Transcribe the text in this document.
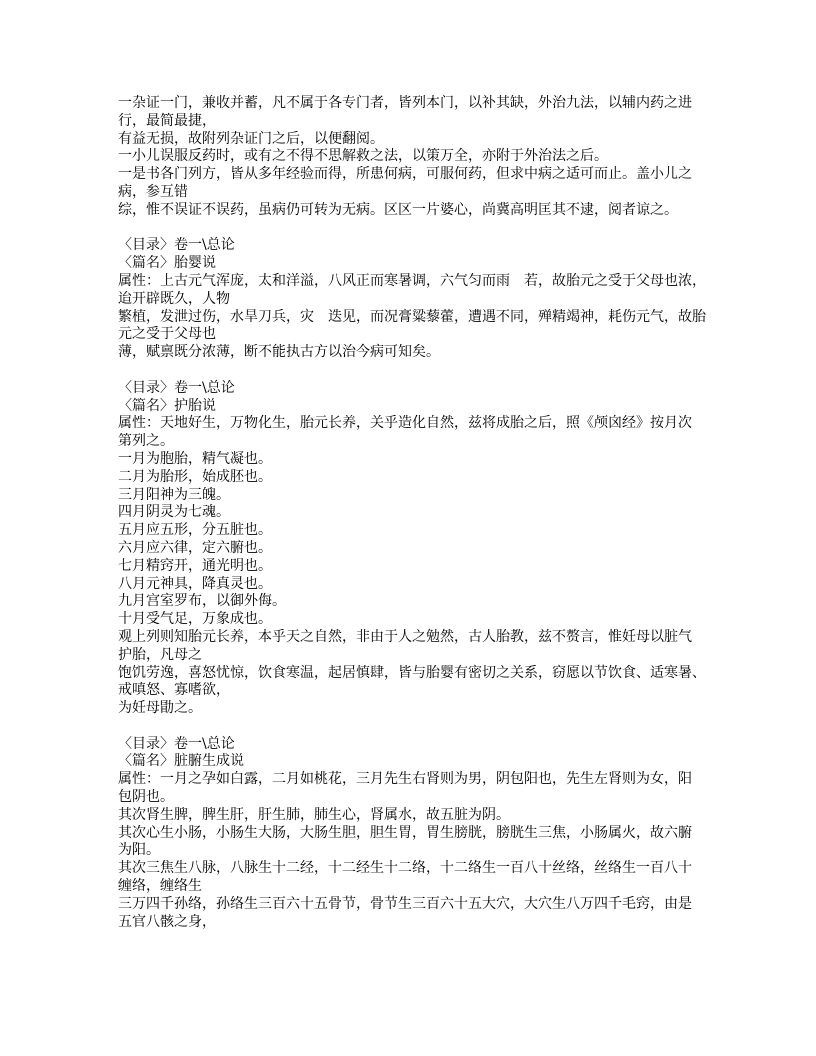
一杂证一门，兼收并蓄，凡不属于各专门者，皆列本门，以补其缺，外治九法，以辅内药之进
行，最简最捷，
有益无损，故附列杂证门之后，以便翻阅。
一小儿误服反药时，或有之不得不思解救之法，以策万全，亦附于外治法之后。
一是书各门列方，皆从多年经验而得，所患何病，可服何药，但求中病之适可而止。盖小儿之
病，参互错
综，惟不误证不误药，虽病仍可转为无病。区区一片婆心，尚冀高明匡其不逮，阅者谅之。
〈目录〉卷一\总论
〈篇名〉胎婴说
属性：上古元气浑庞，太和洋溢，八风正而寒暑调，六气匀而雨　若，故胎元之受于父母也浓，
迨开辟既久，人物
繁植，发泄过伤，水旱刀兵，灾　迭见，而况膏粱藜藿，遭遇不同，殚精竭神，耗伤元气，故胎
元之受于父母也
薄，赋禀既分浓薄，断不能执古方以治今病可知矣。
〈目录〉卷一\总论
〈篇名〉护胎说
属性：天地好生，万物化生，胎元长养，关乎造化自然，兹将成胎之后，照《颅囟经》按月次
第列之。
一月为胞胎，精气凝也。
二月为胎形，始成胚也。
三月阳神为三魄。
四月阴灵为七魂。
五月应五形，分五脏也。
六月应六律，定六腑也。
七月精窍开，通光明也。
八月元神具，降真灵也。
九月宫室罗布，以御外侮。
十月受气足，万象成也。
观上列则知胎元长养，本乎天之自然，非由于人之勉然，古人胎教，兹不赘言，惟妊母以脏气
护胎，凡母之
饱饥劳逸，喜怒忧惊，饮食寒温，起居慎肆，皆与胎婴有密切之关系，窃愿以节饮食、适寒暑、
戒嗔怒、寡嗜欲，
为妊母勖之。
〈目录〉卷一\总论
〈篇名〉脏腑生成说
属性：一月之孕如白露，二月如桃花，三月先生右肾则为男，阴包阳也，先生左肾则为女，阳
包阴也。
其次肾生脾，脾生肝，肝生肺，肺生心，肾属水，故五脏为阴。
其次心生小肠，小肠生大肠，大肠生胆，胆生胃，胃生膀胱，膀胱生三焦，小肠属火，故六腑
为阳。
其次三焦生八脉，八脉生十二经，十二经生十二络，十二络生一百八十丝络，丝络生一百八十
缠络，缠络生
三万四千孙络，孙络生三百六十五骨节，骨节生三百六十五大穴，大穴生八万四千毛窍，由是
五官八骸之身，
